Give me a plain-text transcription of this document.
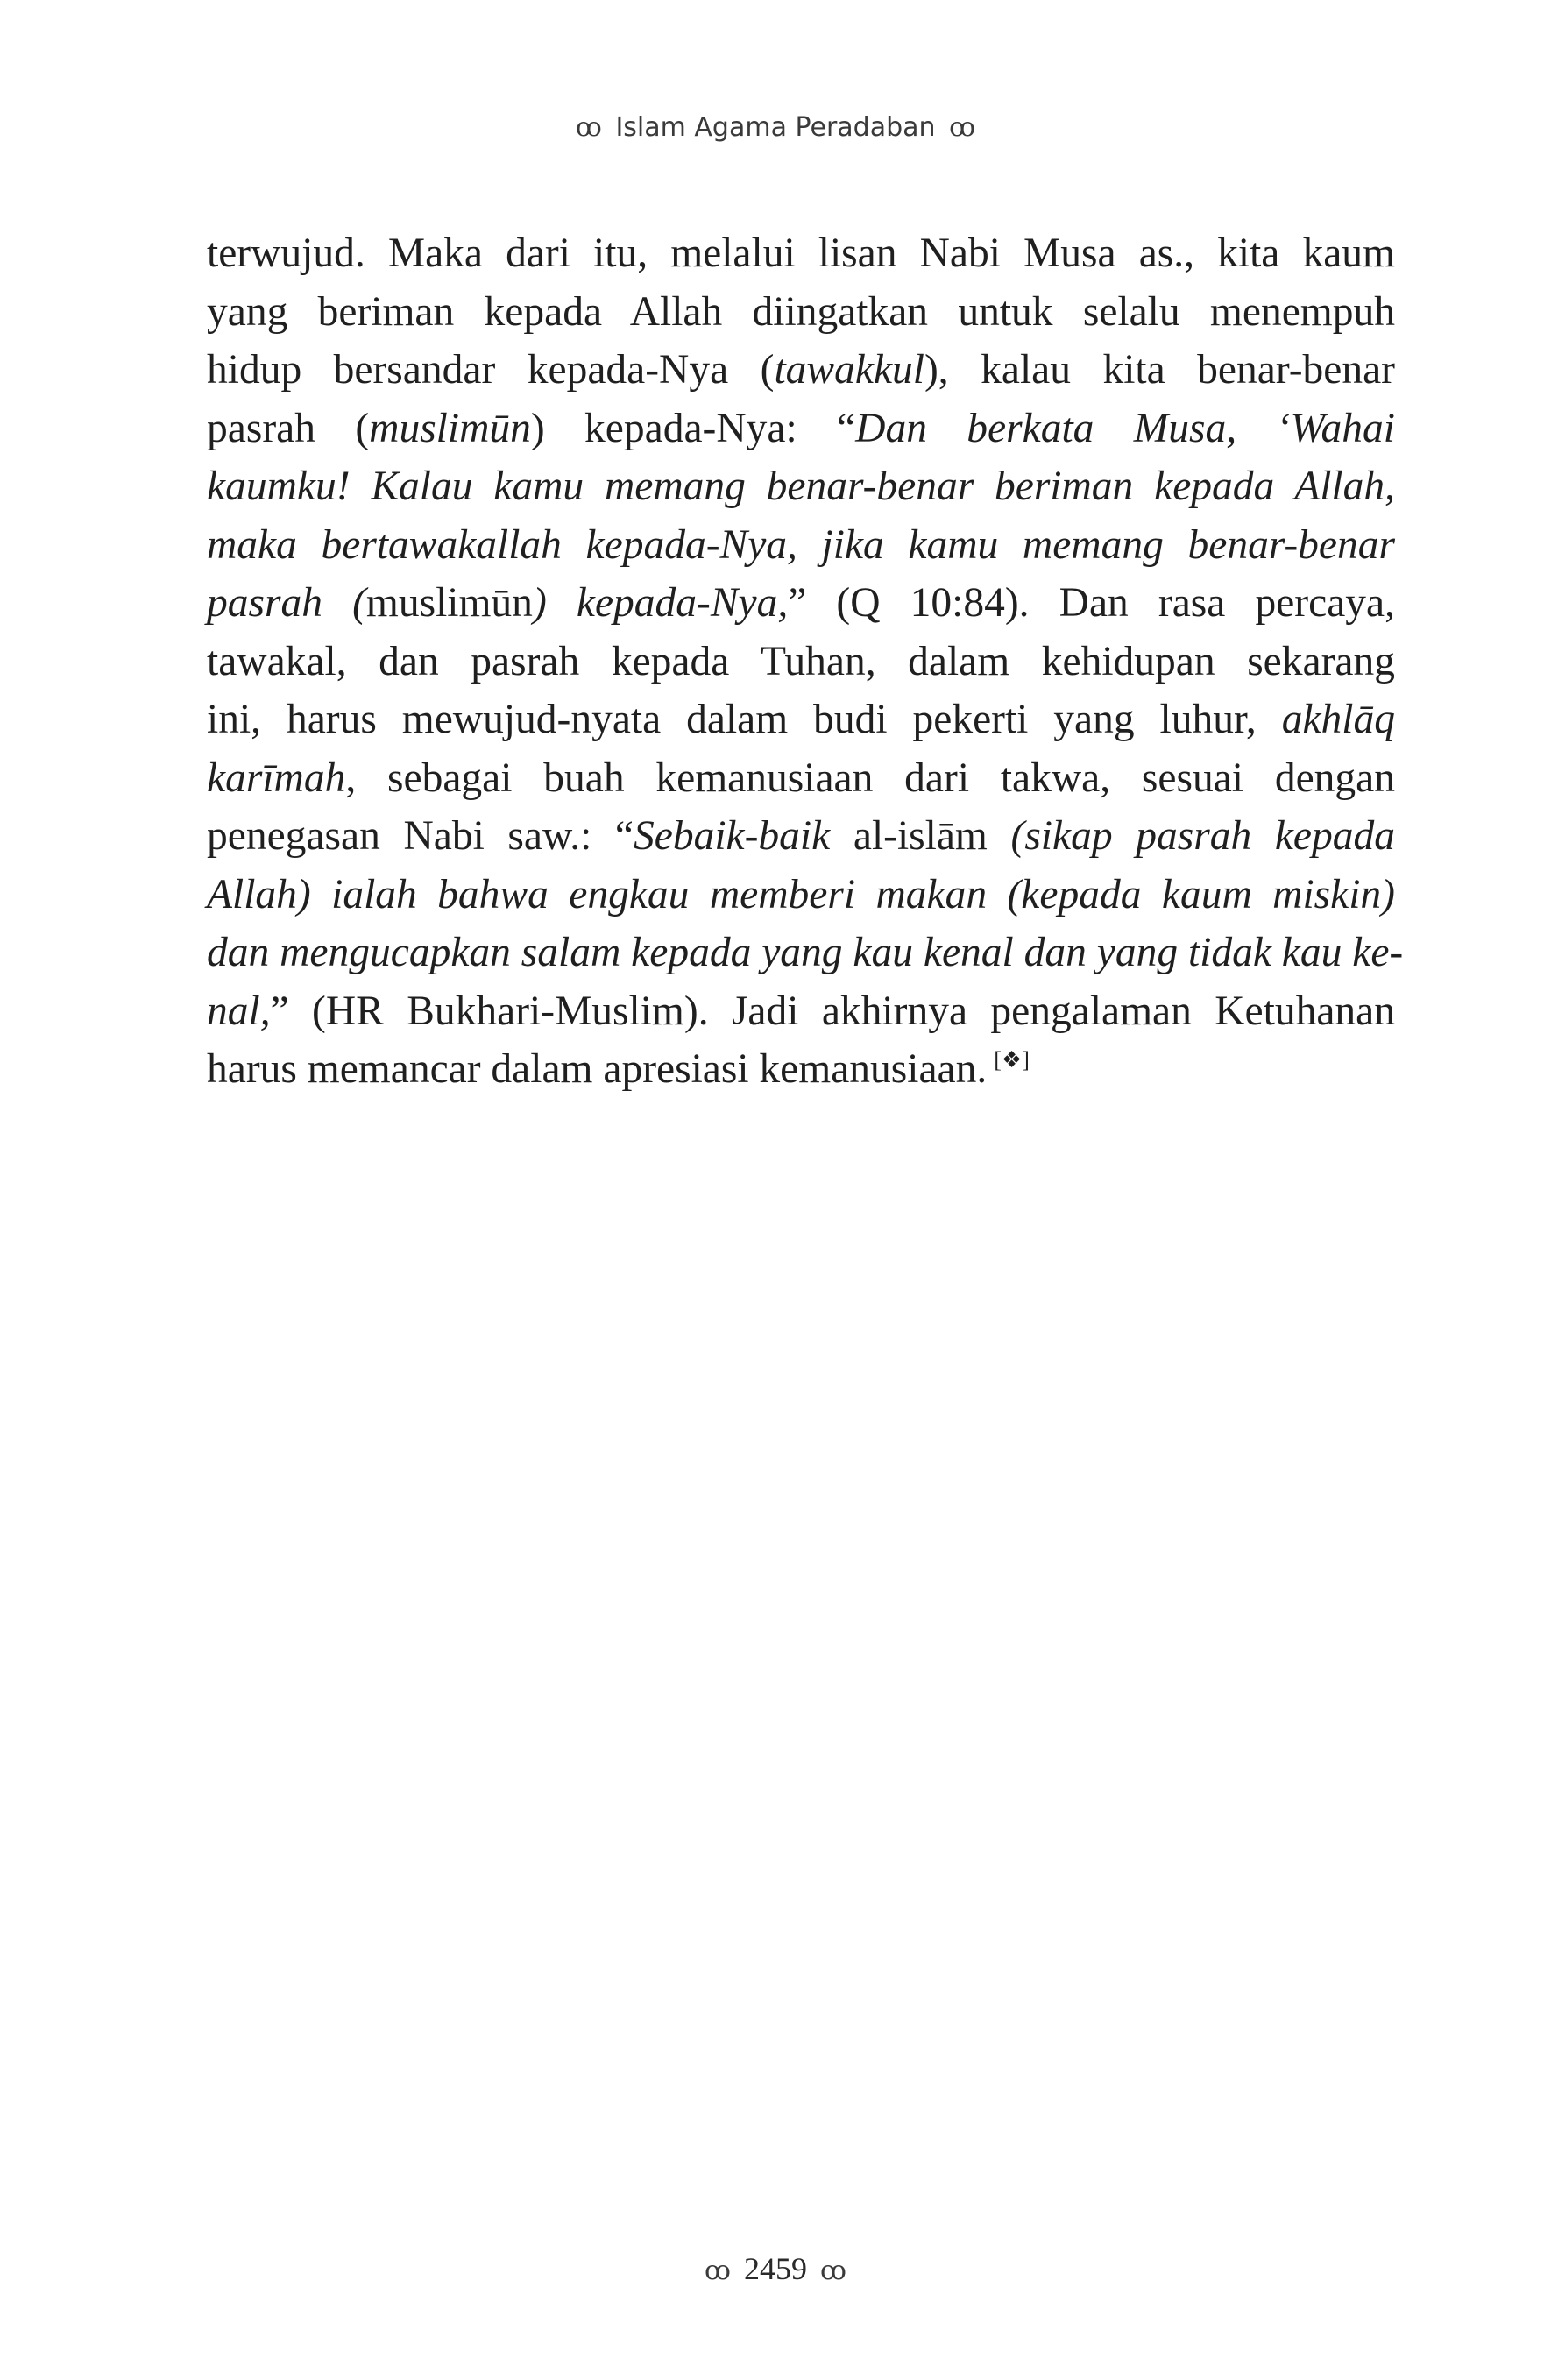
ꝏ Islam Agama Peradaban ꝏ
terwujud. Maka dari itu, melalui lisan Nabi Musa as., kita kaum
yang beriman kepada Allah diingatkan untuk selalu menempuh
hidup bersandar kepada-Nya (tawakkul), kalau kita benar-benar
pasrah (muslimūn) kepada-Nya: “Dan berkata Musa, ‘Wahai
kaumku! Kalau kamu memang benar-benar beriman kepada Allah,
maka bertawakallah kepada-Nya, jika kamu memang benar-benar
pasrah (muslimūn) kepada-Nya,” (Q 10:84). Dan rasa percaya,
tawakal, dan pasrah kepada Tuhan, dalam kehidupan sekarang
ini, harus mewujud-nyata dalam budi pekerti yang luhur, akhlāq
karīmah, sebagai buah kemanusiaan dari takwa, sesuai dengan
penegasan Nabi saw.: “Sebaik-baik al-islām (sikap pasrah kepada
Allah) ialah bahwa engkau memberi makan (kepada kaum miskin)
dan mengucapkan salam kepada yang kau kenal dan yang tidak kau ke-
nal,” (HR Bukhari-Muslim). Jadi akhirnya pengalaman Ketuhanan
harus memancar dalam apresiasi kemanusiaan. [❖]
ꝏ 2459 ꝏ
